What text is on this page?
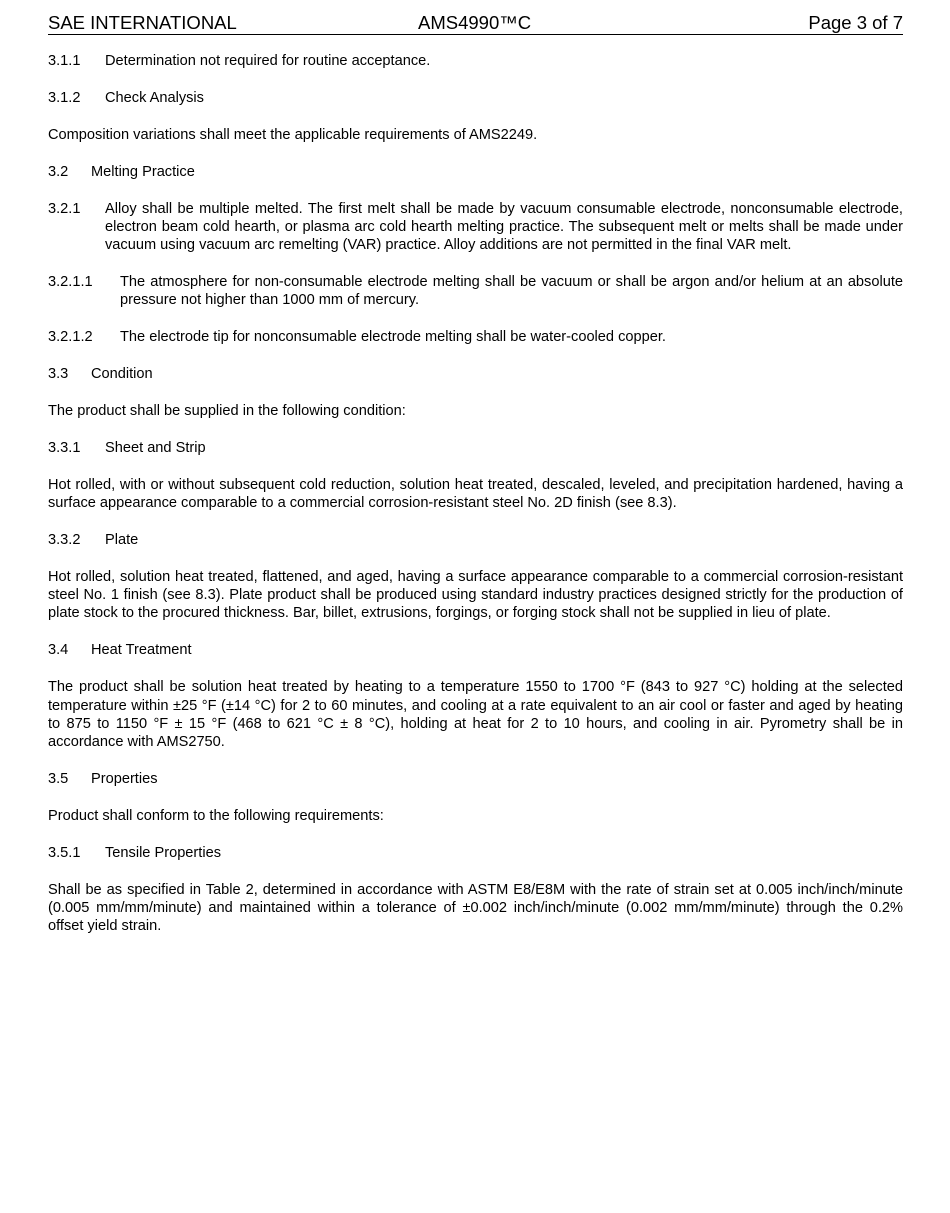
SAE INTERNATIONAL	AMS4990™C	Page 3 of 7
3.1.1	Determination not required for routine acceptance.
3.1.2	Check Analysis

Composition variations shall meet the applicable requirements of AMS2249.

3.2	Melting Practice
3.2.1	Alloy shall be multiple melted. The first melt shall be made by vacuum consumable electrode, nonconsumable electrode, electron beam cold hearth, or plasma arc cold hearth melting practice. The subsequent melt or melts shall be made under vacuum using vacuum arc remelting (VAR) practice. Alloy additions are not permitted in the final VAR melt.
3.2.1.1	The atmosphere for non-consumable electrode melting shall be vacuum or shall be argon and/or helium at an absolute pressure not higher than 1000 mm of mercury.
3.2.1.2	The electrode tip for nonconsumable electrode melting shall be water-cooled copper.
3.3	Condition

The product shall be supplied in the following condition:

3.3.1	Sheet and Strip

Hot rolled, with or without subsequent cold reduction, solution heat treated, descaled, leveled, and precipitation hardened, having a surface appearance comparable to a commercial corrosion-resistant steel No. 2D finish (see 8.3).

3.3.2	Plate

Hot rolled, solution heat treated, flattened, and aged, having a surface appearance comparable to a commercial corrosion-resistant steel No. 1 finish (see 8.3). Plate product shall be produced using standard industry practices designed strictly for the production of plate stock to the procured thickness. Bar, billet, extrusions, forgings, or forging stock shall not be supplied in lieu of plate.

3.4	Heat Treatment

The product shall be solution heat treated by heating to a temperature 1550 to 1700 °F (843 to 927 °C) holding at the selected temperature within ±25 °F (±14 °C) for 2 to 60 minutes, and cooling at a rate equivalent to an air cool or faster and aged by heating to 875 to 1150 °F ± 15 °F (468 to 621 °C ± 8 °C), holding at heat for 2 to 10 hours, and cooling in air. Pyrometry shall be in accordance with AMS2750.

3.5	Properties

Product shall conform to the following requirements:

3.5.1	Tensile Properties

Shall be as specified in Table 2, determined in accordance with ASTM E8/E8M with the rate of strain set at 0.005 inch/inch/minute (0.005 mm/mm/minute) and maintained within a tolerance of ±0.002 inch/inch/minute (0.002 mm/mm/minute) through the 0.2% offset yield strain.
